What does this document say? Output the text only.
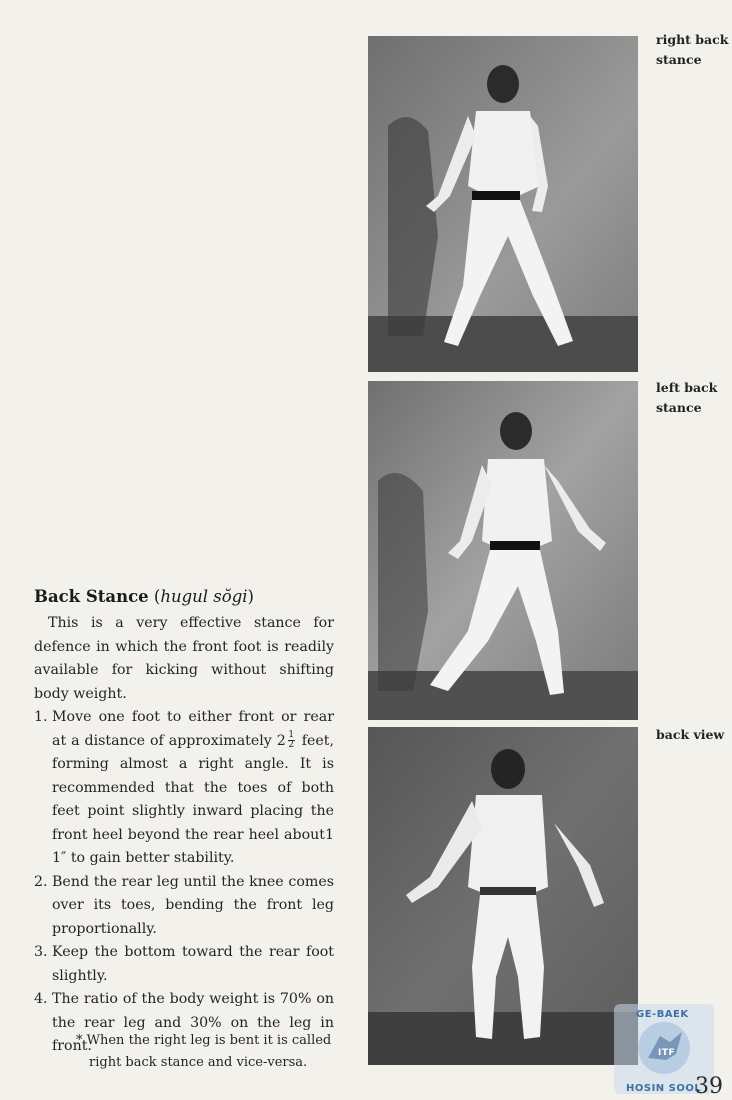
right back
stance
left back
stance
back view
Back Stance (hugul sŏgi)

This is a very effective stance for defence in which the front foot is readily available for kicking without shifting body weight.

1. Move one foot to either front or rear at a distance of approximately $2 \frac{1}{2}$ feet, forming almost a right angle. It is recommended that the toes of both feet point slightly inward placing the front heel beyond the rear heel about1 1″ to gain better stability.
2. Bend the rear leg until the knee comes over its toes, bending the front leg proportionally.
3. Keep the bottom toward the rear foot slightly.
4. The ratio of the body weight is 70% on the rear leg and 30% on the leg in front.
* When the right leg is bent it is called
right back stance and vice-versa.
GE-BAEK
HOSIN SOOL
ITF
39
